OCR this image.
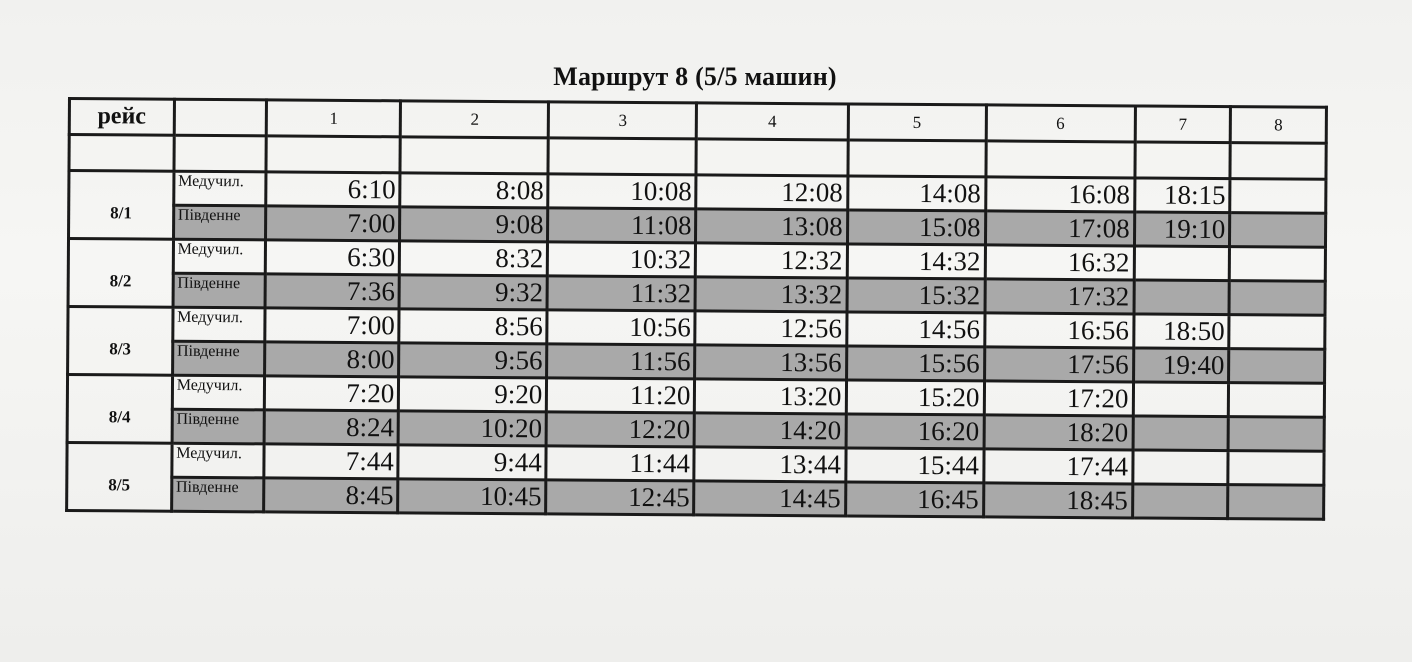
Маршрут 8 (5/5 машин)
рейс		1	2	3	4	5	6	7	8

8/1	Медучил.	6:10	8:08	10:08	12:08	14:08	16:08	18:15	
	Південне	7:00	9:08	11:08	13:08	15:08	17:08	19:10	
8/2	Медучил.	6:30	8:32	10:32	12:32	14:32	16:32		
	Південне	7:36	9:32	11:32	13:32	15:32	17:32		
8/3	Медучил.	7:00	8:56	10:56	12:56	14:56	16:56	18:50	
	Південне	8:00	9:56	11:56	13:56	15:56	17:56	19:40	
8/4	Медучил.	7:20	9:20	11:20	13:20	15:20	17:20		
	Південне	8:24	10:20	12:20	14:20	16:20	18:20		
8/5	Медучил.	7:44	9:44	11:44	13:44	15:44	17:44		
	Південне	8:45	10:45	12:45	14:45	16:45	18:45		
